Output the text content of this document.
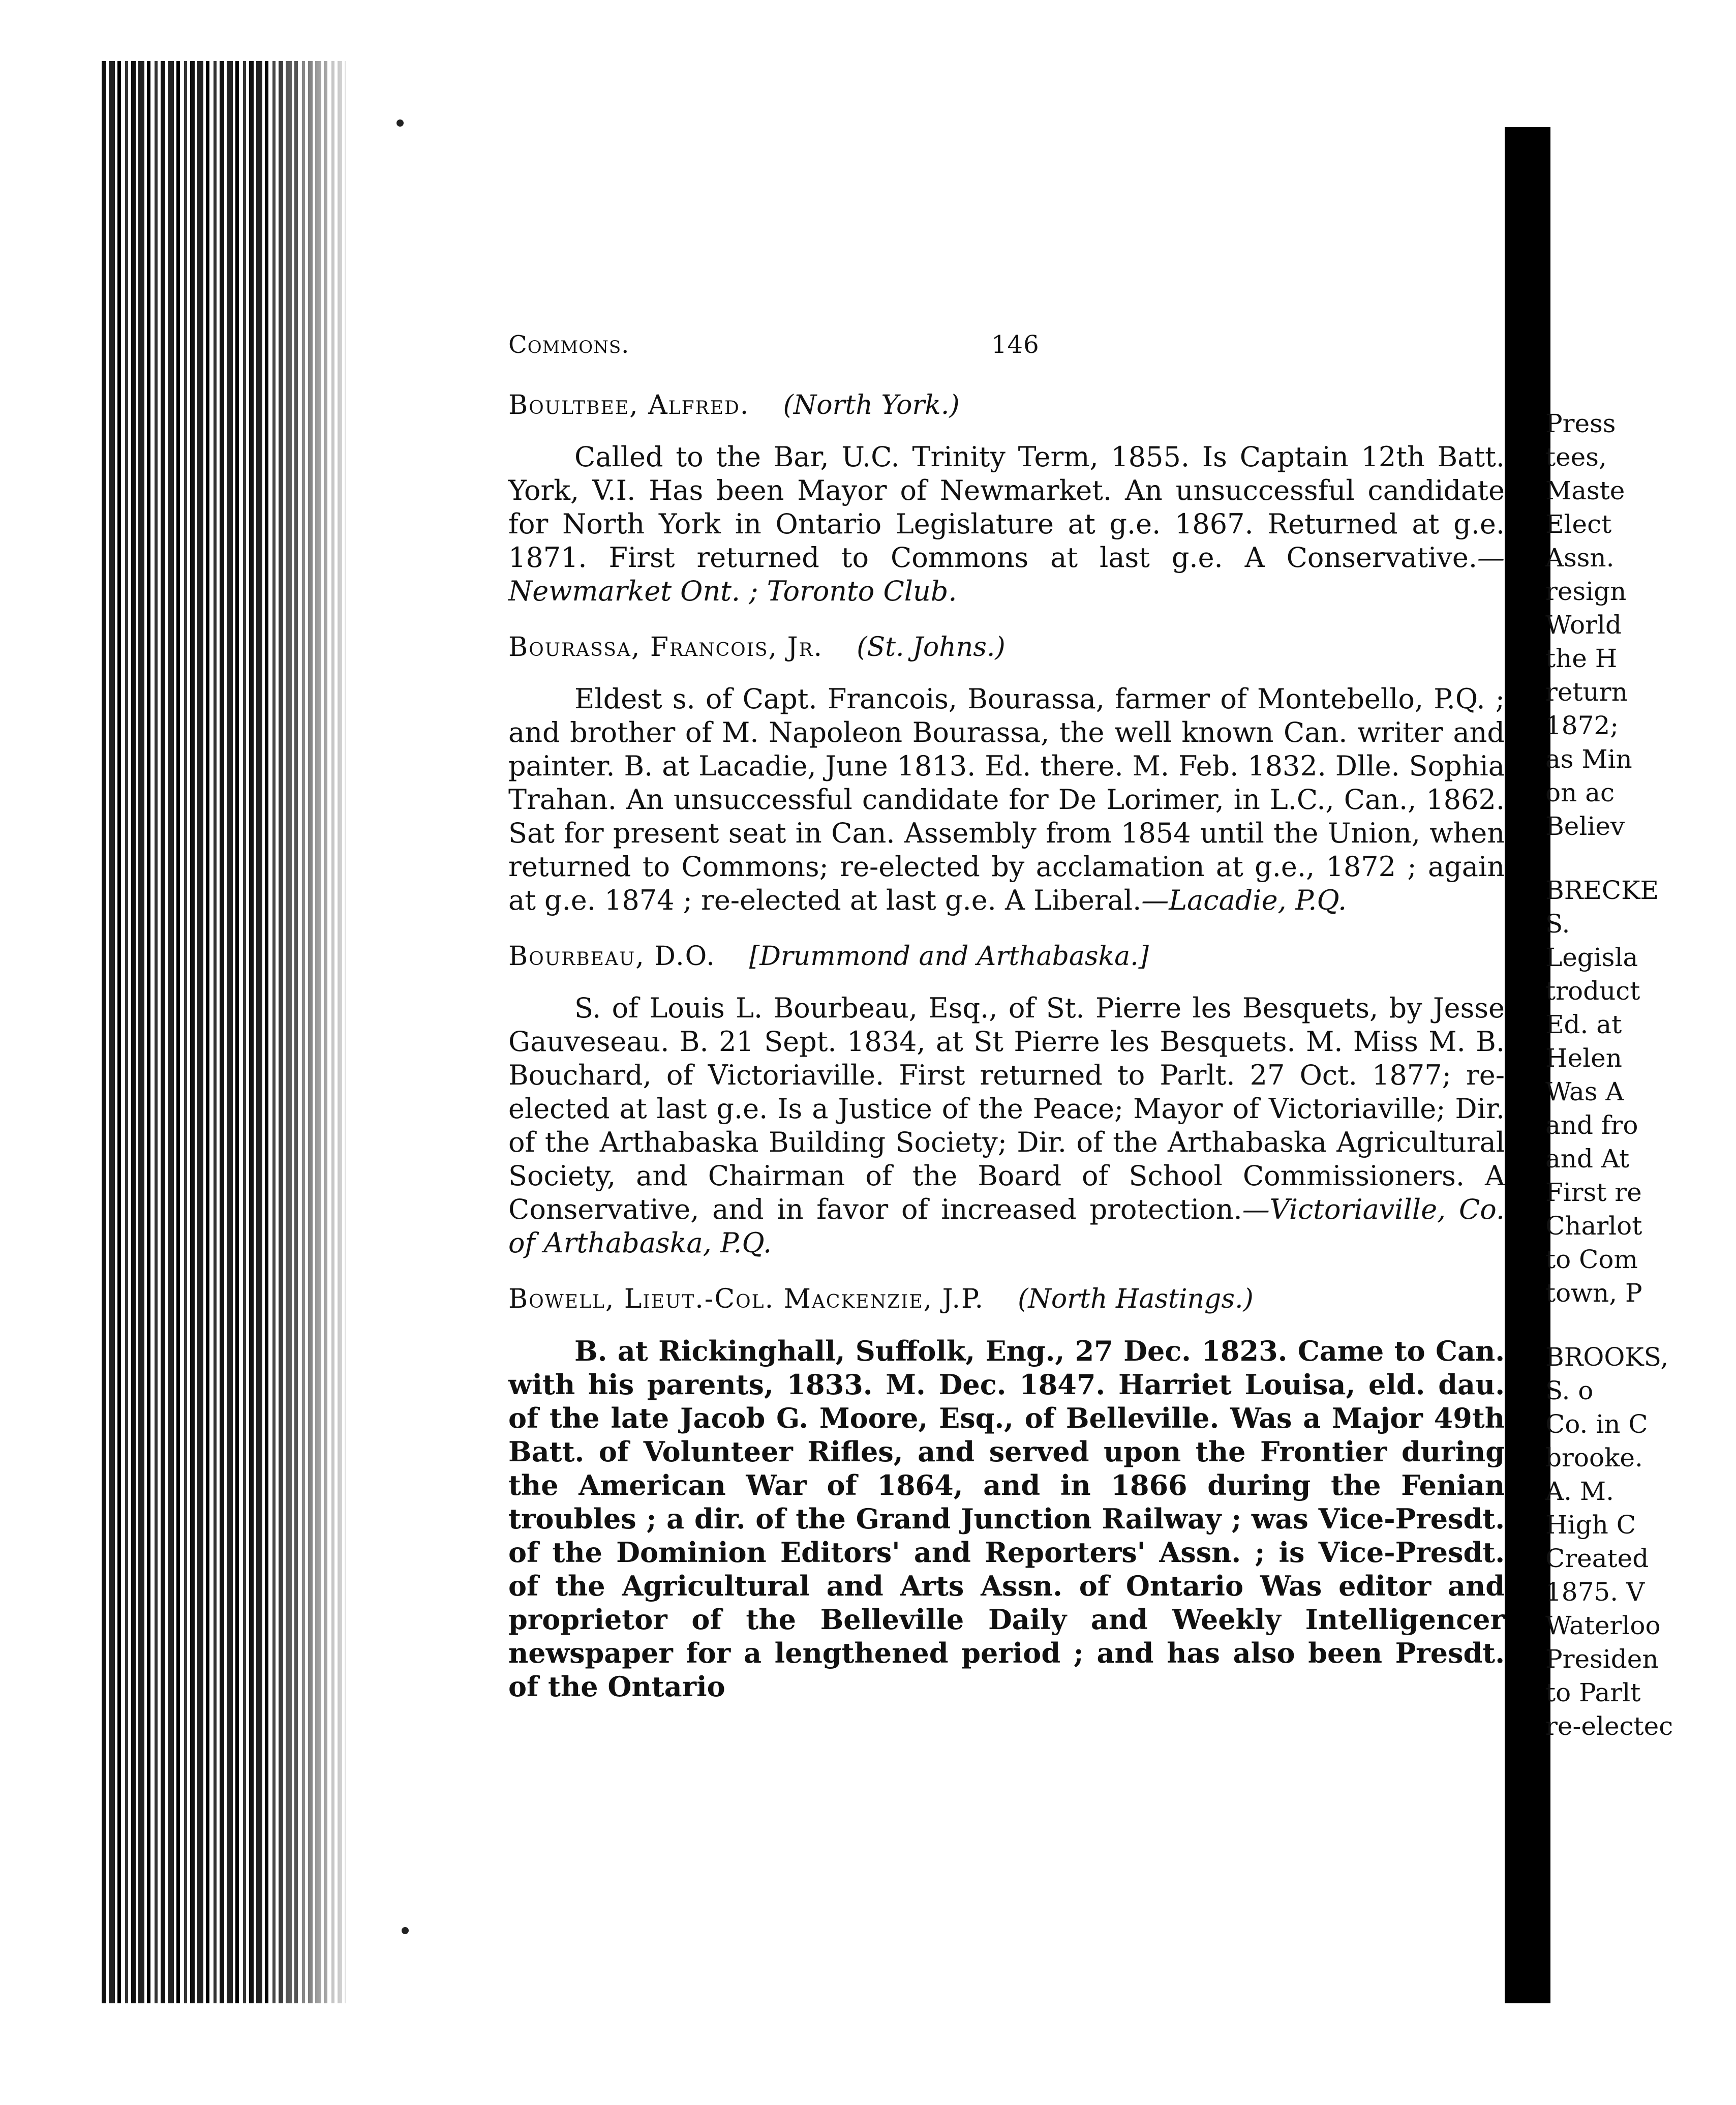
Commons.	146

Boultbee, Alfred. (North York.)

Called to the Bar, U.C. Trinity Term, 1855. Is Captain 12th Batt. York, V.I. Has been Mayor of Newmarket. An unsuccessful candidate for North York in Ontario Legislature at g.e. 1867. Returned at g.e. 1871. First returned to Commons at last g.e. A Conservative.—Newmarket Ont. ; Toronto Club.

Bourassa, Francois, Jr. (St. Johns.)

Eldest s. of Capt. Francois, Bourassa, farmer of Montebello, P.Q. ; and brother of M. Napoleon Bourassa, the well known Can. writer and painter. B. at Lacadie, June 1813. Ed. there. M. Feb. 1832. Dlle. Sophia Trahan. An unsuccessful candidate for De Lorimer, in L.C., Can., 1862. Sat for present seat in Can. Assembly from 1854 until the Union, when returned to Commons; re-elected by acclamation at g.e., 1872 ; again at g.e. 1874 ; re-elected at last g.e. A Liberal.—Lacadie, P.Q.

Bourbeau, D.O. [Drummond and Arthabaska.]

S. of Louis L. Bourbeau, Esq., of St. Pierre les Besquets, by Jesse Gauveseau. B. 21 Sept. 1834, at St Pierre les Besquets. M. Miss M. B. Bouchard, of Victoriaville. First returned to Parlt. 27 Oct. 1877; re-elected at last g.e. Is a Justice of the Peace; Mayor of Victoriaville; Dir. of the Arthabaska Building Society; Dir. of the Arthabaska Agricultural Society, and Chairman of the Board of School Commissioners. A Conservative, and in favor of increased protection.—Victoriaville, Co. of Arthabaska, P.Q.

Bowell, Lieut.-Col. Mackenzie, J.P. (North Hastings.)

B. at Rickinghall, Suffolk, Eng., 27 Dec. 1823. Came to Can. with his parents, 1833. M. Dec. 1847. Harriet Louisa, eld. dau. of the late Jacob G. Moore, Esq., of Belleville. Was a Major 49th Batt. of Volunteer Rifles, and served upon the Frontier during the American War of 1864, and in 1866 during the Fenian troubles ; a dir. of the Grand Junction Railway ; was Vice-Presdt. of the Dominion Editors' and Reporters' Assn. ; is Vice-Presdt. of the Agricultural and Arts Assn. of Ontario Was editor and proprietor of the Belleville Daily and Weekly Intelligencer newspaper for a lengthened period ; and has also been Presdt. of the Ontario

Press
tees,
Maste
Elect
Assn.
resign
World
the H
return
1872;
as Min
on ac
Believ
BRECKE
S.
Legisla
troduct
Ed. at
Helen
Was A
and fro
and At
First re
Charlot
to Com
town, P
BROOKS,
S. o
Co. in C
brooke.
A. M.
High C
Created
1875. V
Waterloo
Presiden
to Parlt
re-electec
